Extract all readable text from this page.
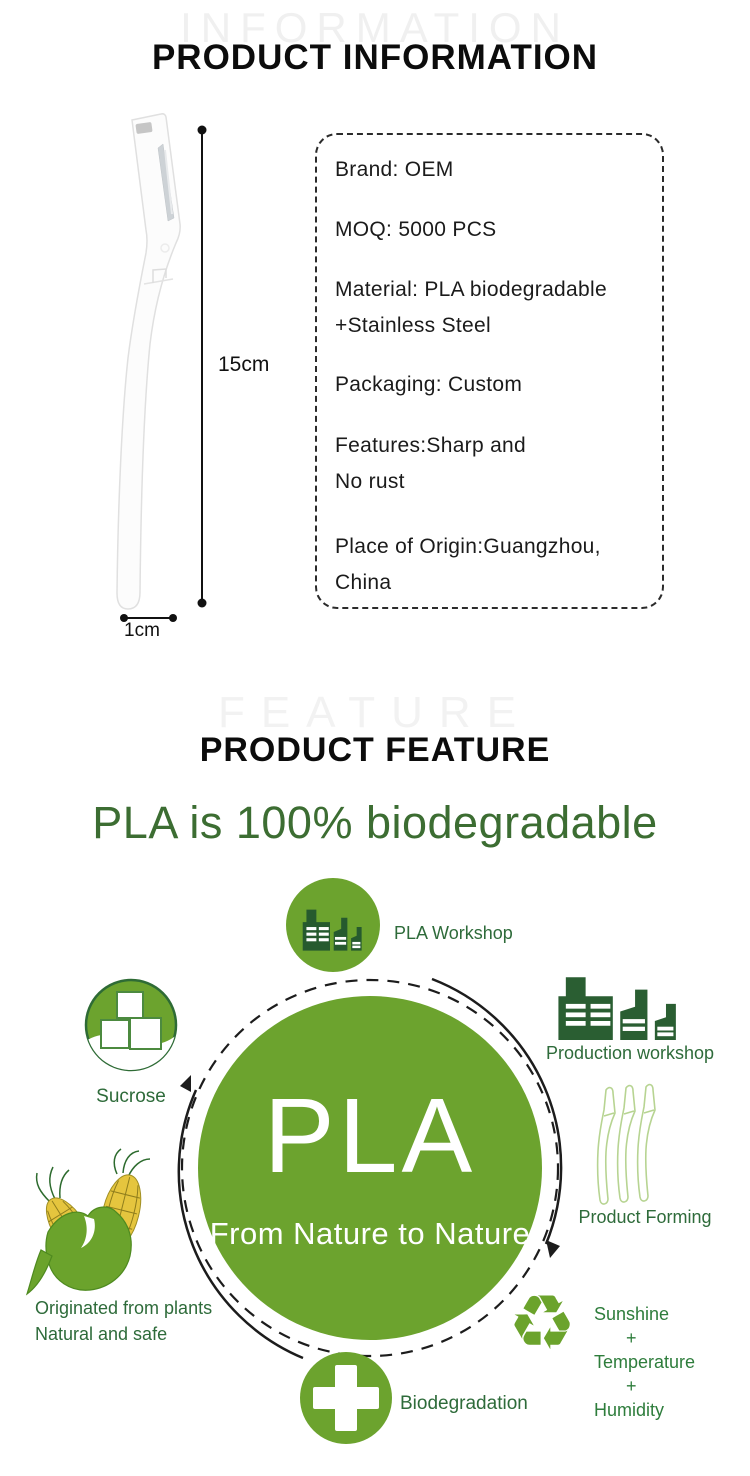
INFORMATION
PRODUCT INFORMATION
15cm
1cm

Brand: OEM

MOQ: 5000 PCS

Material: PLA biodegradable

+Stainless Steel

Packaging: Custom

Features:Sharp and

No rust

Place of Origin:Guangzhou,

China

FEATURE
PRODUCT FEATURE
PLA is 100% biodegradable
PLA
From Nature to Nature
PLA Workshop
Production workshop
Sucrose
Product Forming
Originated from plants
Natural and safe
Biodegradation
♻ Sunshine
+
Temperature
+
Humidity
